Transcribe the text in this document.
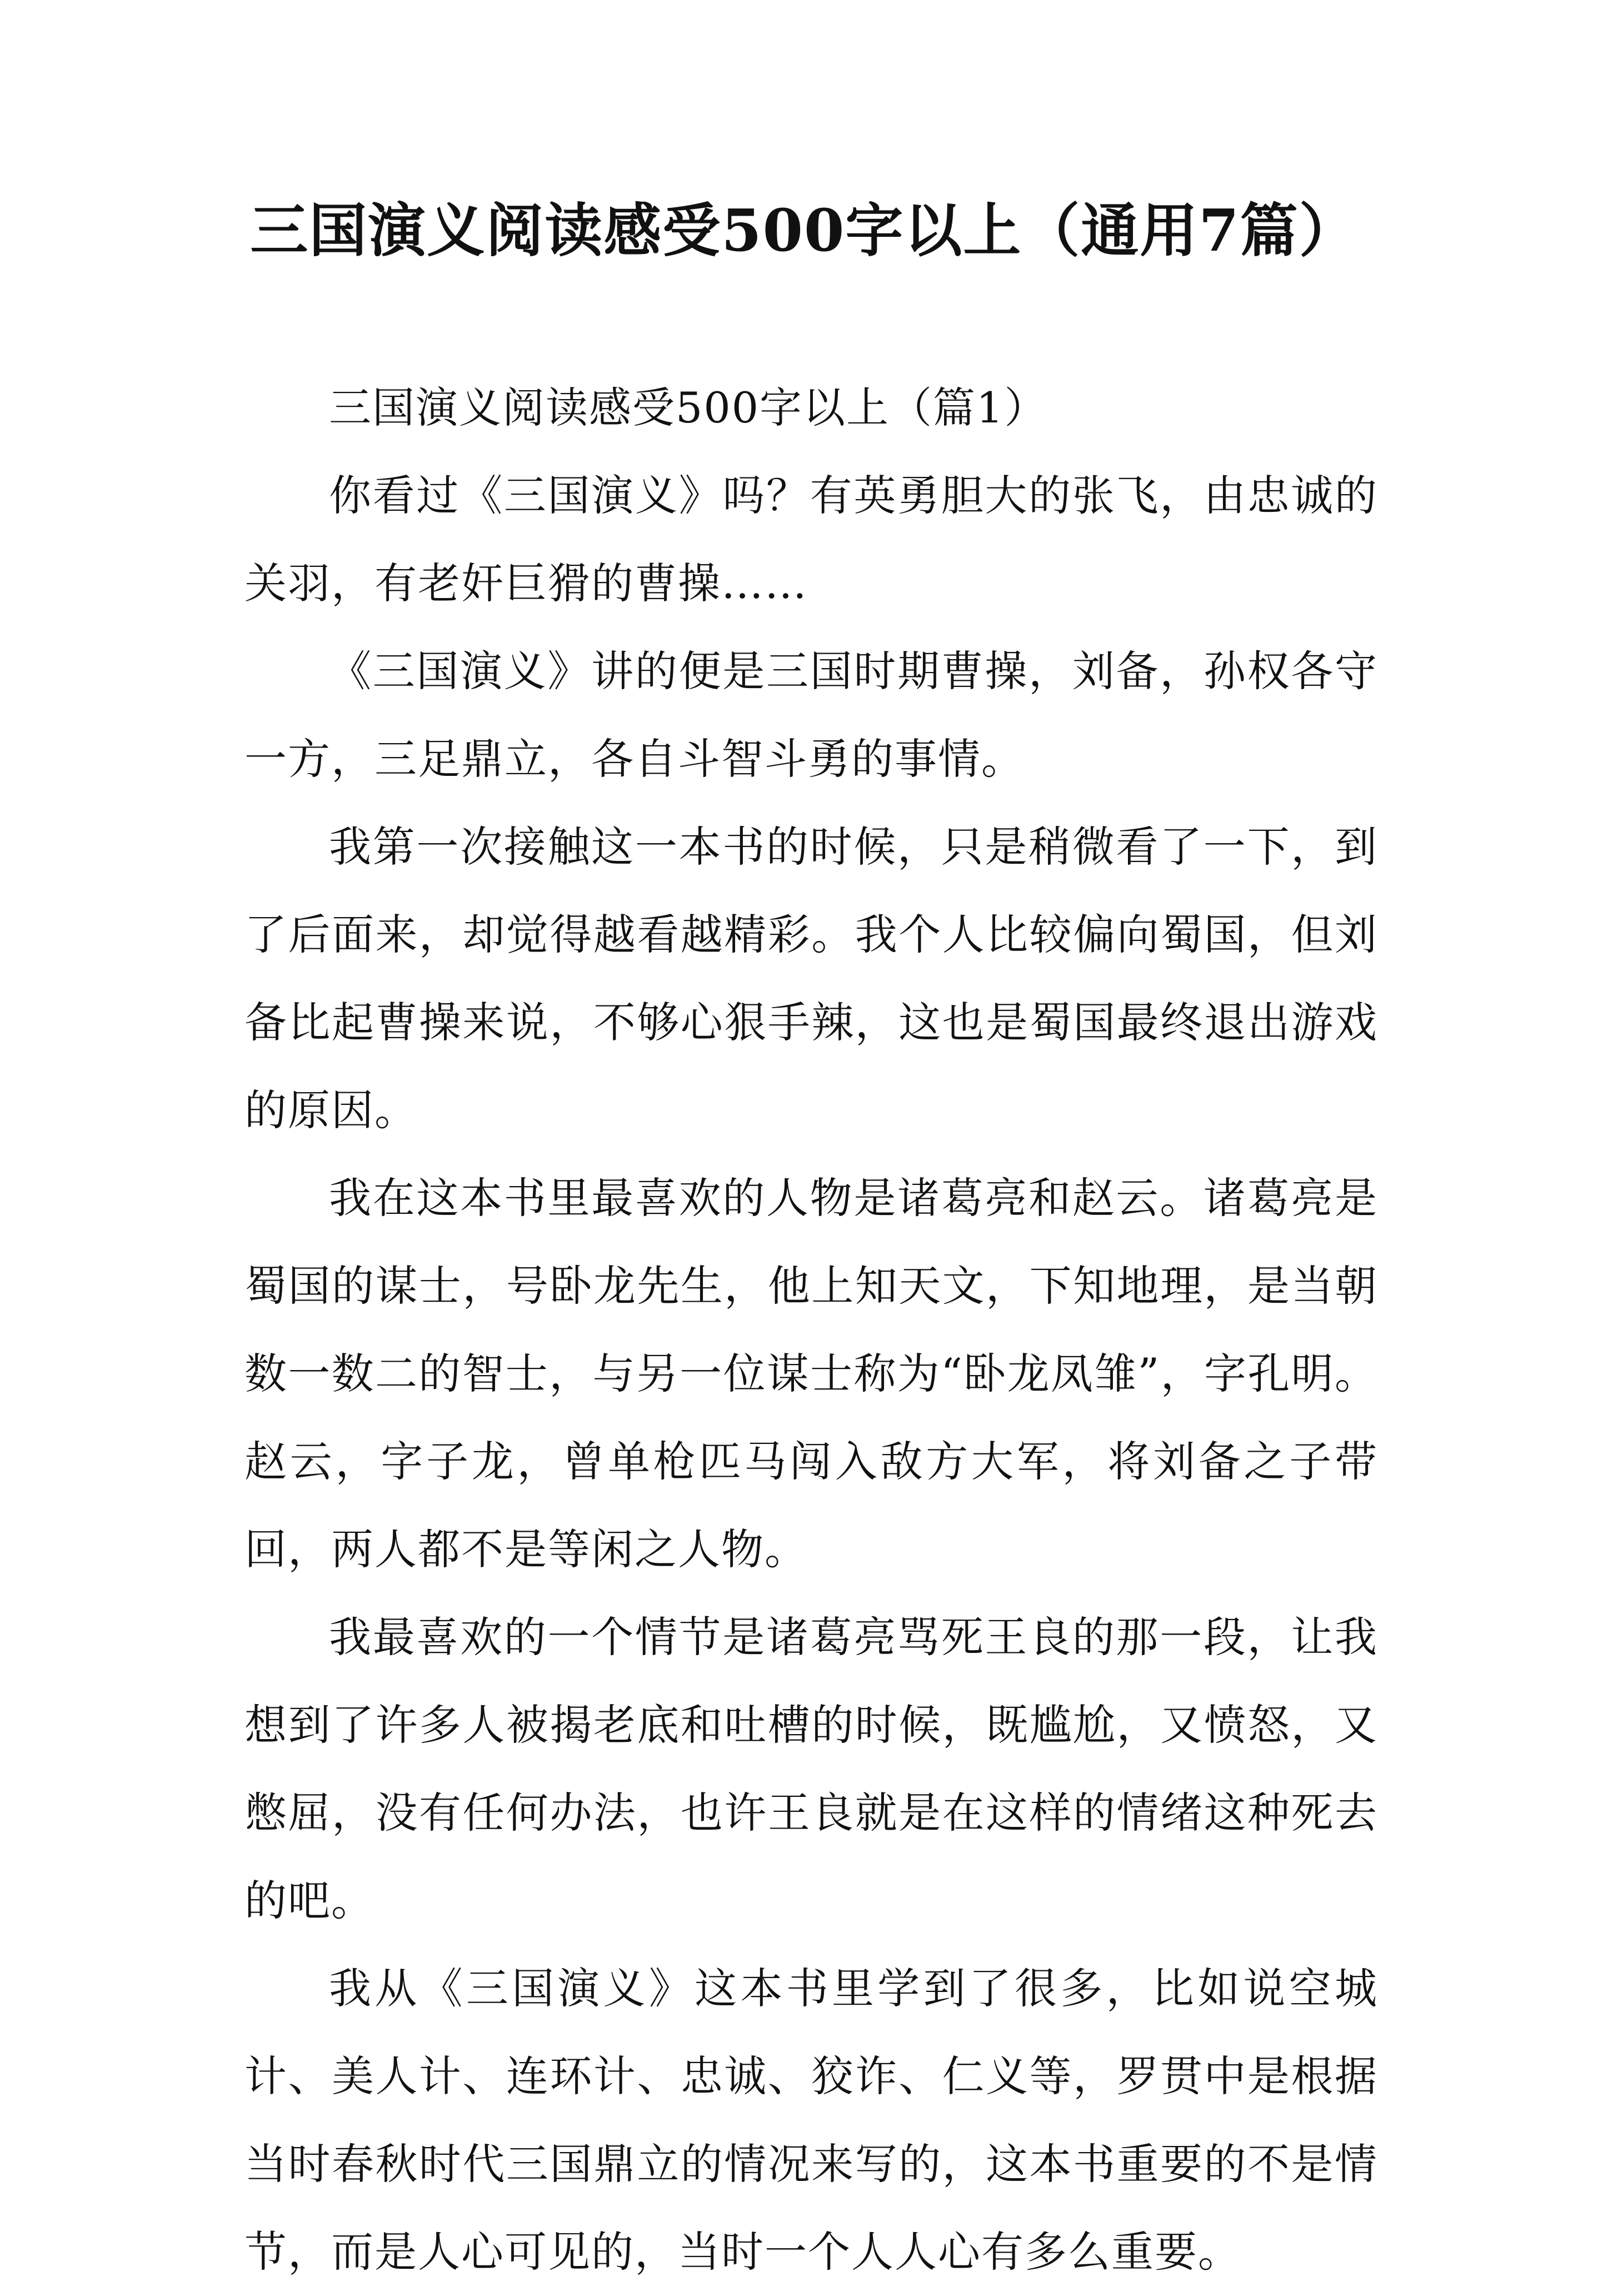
三国演义阅读感受500字以上（通用7篇）

三国演义阅读感受500字以上（篇1）

你看过《三国演义》吗？有英勇胆大的张飞，由忠诚的关羽，有老奸巨猾的曹操……

《三国演义》讲的便是三国时期曹操，刘备，孙权各守一方，三足鼎立，各自斗智斗勇的事情。

我第一次接触这一本书的时候，只是稍微看了一下，到了后面来，却觉得越看越精彩。我个人比较偏向蜀国，但刘备比起曹操来说，不够心狠手辣，这也是蜀国最终退出游戏的原因。

我在这本书里最喜欢的人物是诸葛亮和赵云。诸葛亮是蜀国的谋士，号卧龙先生，他上知天文，下知地理，是当朝数一数二的智士，与另一位谋士称为“卧龙凤雏”，字孔明。赵云，字子龙，曾单枪匹马闯入敌方大军，将刘备之子带回，两人都不是等闲之人物。

我最喜欢的一个情节是诸葛亮骂死王良的那一段，让我想到了许多人被揭老底和吐槽的时候，既尴尬，又愤怒，又憋屈，没有任何办法，也许王良就是在这样的情绪这种死去的吧。

我从《三国演义》这本书里学到了很多，比如说空城计、美人计、连环计、忠诚、狡诈、仁义等，罗贯中是根据当时春秋时代三国鼎立的情况来写的，这本书重要的不是情节，而是人心可见的，当时一个人人心有多么重要。
